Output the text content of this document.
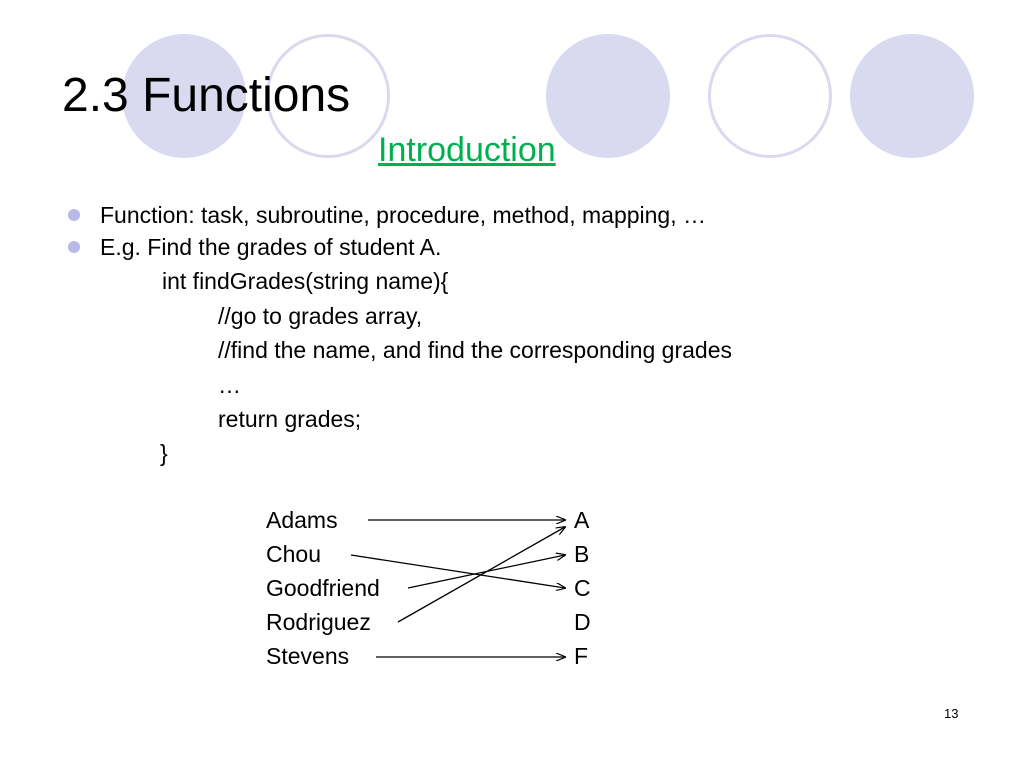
2.3 Functions
Introduction
Function: task, subroutine, procedure, method, mapping, …
E.g. Find the grades of student A.
int findGrades(string name){
//go to grades array,
//find the name, and find the corresponding grades
…
return grades;
}
Adams
Chou
Goodfriend
Rodriguez
Stevens
A
B
C
D
F
13
